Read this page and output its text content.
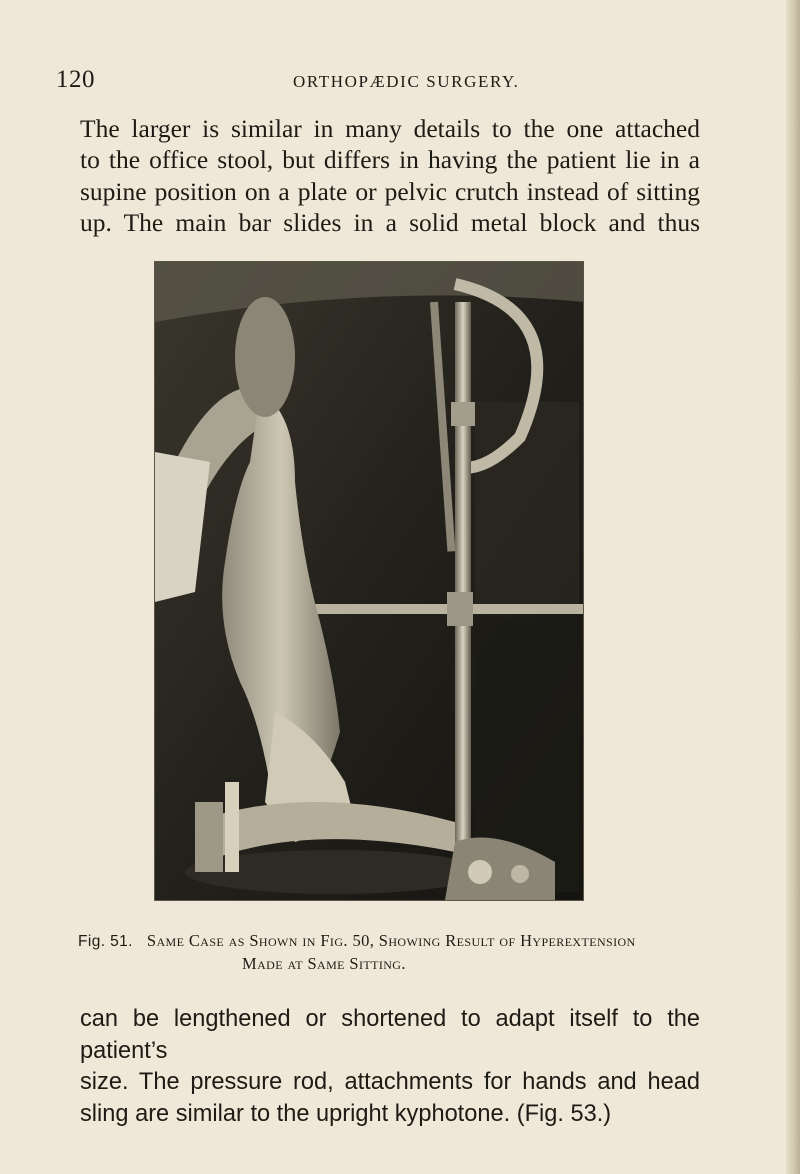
120	ORTHOPÆDIC SURGERY.
The larger is similar in many details to the one attached
to the office stool, but differs in having the patient lie in a
supine position on a plate or pelvic crutch instead of sitting
up. The main bar slides in a solid metal block and thus
Fig. 51. Same Case as Shown in Fig. 50, Showing Result of Hyperextension
Made at Same Sitting.
can be lengthened or shortened to adapt itself to the patient’s
size. The pressure rod, attachments for hands and head
sling are similar to the upright kyphotone. (Fig. 53.)
